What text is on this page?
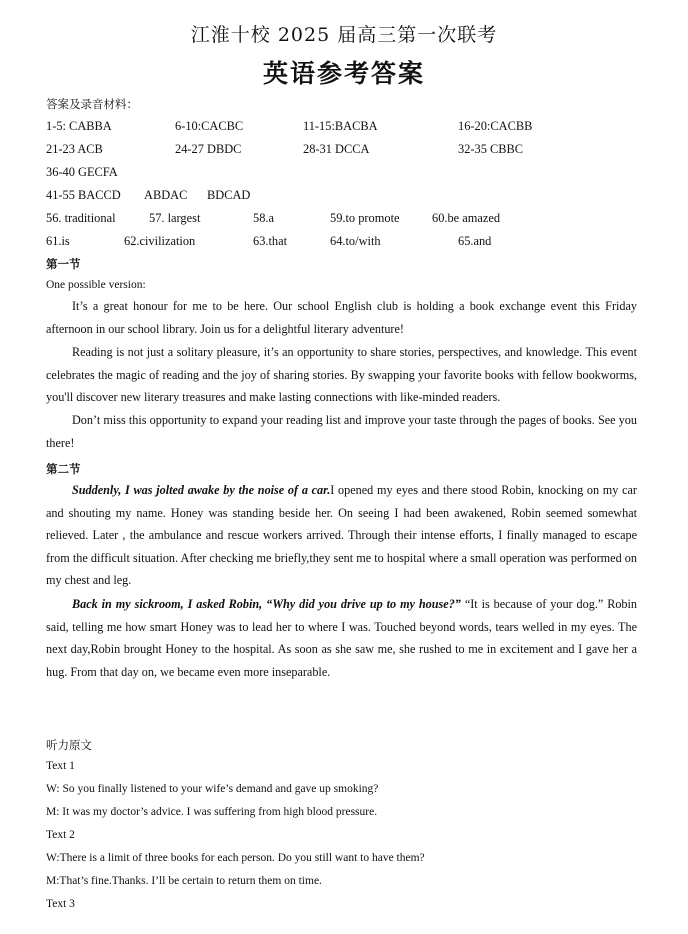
江淮十校 2025 届高三第一次联考
英语参考答案
答案及录音材料：
1-5: CABBA	6-10:CACBC	11-15:BACBA	16-20:CACBB
21-23 ACB	24-27 DBDC	28-31 DCCA	32-35 CBBC
36-40 GECFA
41-55 BACCD ABDAC BDCAD
56. traditional	57. largest	58.a	59.to promote	60.be amazed
61.is	62.civilization	63.that	64.to/with	65.and
第一节
One possible version:

It’s a great honour for me to be here. Our school English club is holding a book exchange event this Friday afternoon in our school library. Join us for a delightful literary adventure!

Reading is not just a solitary pleasure, it’s an opportunity to share stories, perspectives, and knowledge. This event celebrates the magic of reading and the joy of sharing stories. By swapping your favorite books with fellow bookworms, you'll discover new literary treasures and make lasting connections with like-minded readers.

Don’t miss this opportunity to expand your reading list and improve your taste through the pages of books. See you there!

第二节

Suddenly, I was jolted awake by the noise of a car.I opened my eyes and there stood Robin, knocking on my car and shouting my name. Honey was standing beside her. On seeing I had been awakened, Robin seemed somewhat relieved. Later , the ambulance and rescue workers arrived. Through their intense efforts, I finally managed to escape from the difficult situation. After checking me briefly,they sent me to hospital where a small operation was performed on my chest and leg.

Back in my sickroom, I asked Robin, “Why did you drive up to my house?” “It is because of your dog.” Robin said, telling me how smart Honey was to lead her to where I was. Touched beyond words, tears welled in my eyes. The next day,Robin brought Honey to the hospital. As soon as she saw me, she rushed to me in excitement and I gave her a hug. From that day on, we became even more inseparable.

听力原文
Text 1
W: So you finally listened to your wife’s demand and gave up smoking?
M: It was my doctor’s advice. I was suffering from high blood pressure.
Text 2
W:There is a limit of three books for each person. Do you still want to have them?
M:That’s fine.Thanks. I’ll be certain to return them on time.
Text 3
